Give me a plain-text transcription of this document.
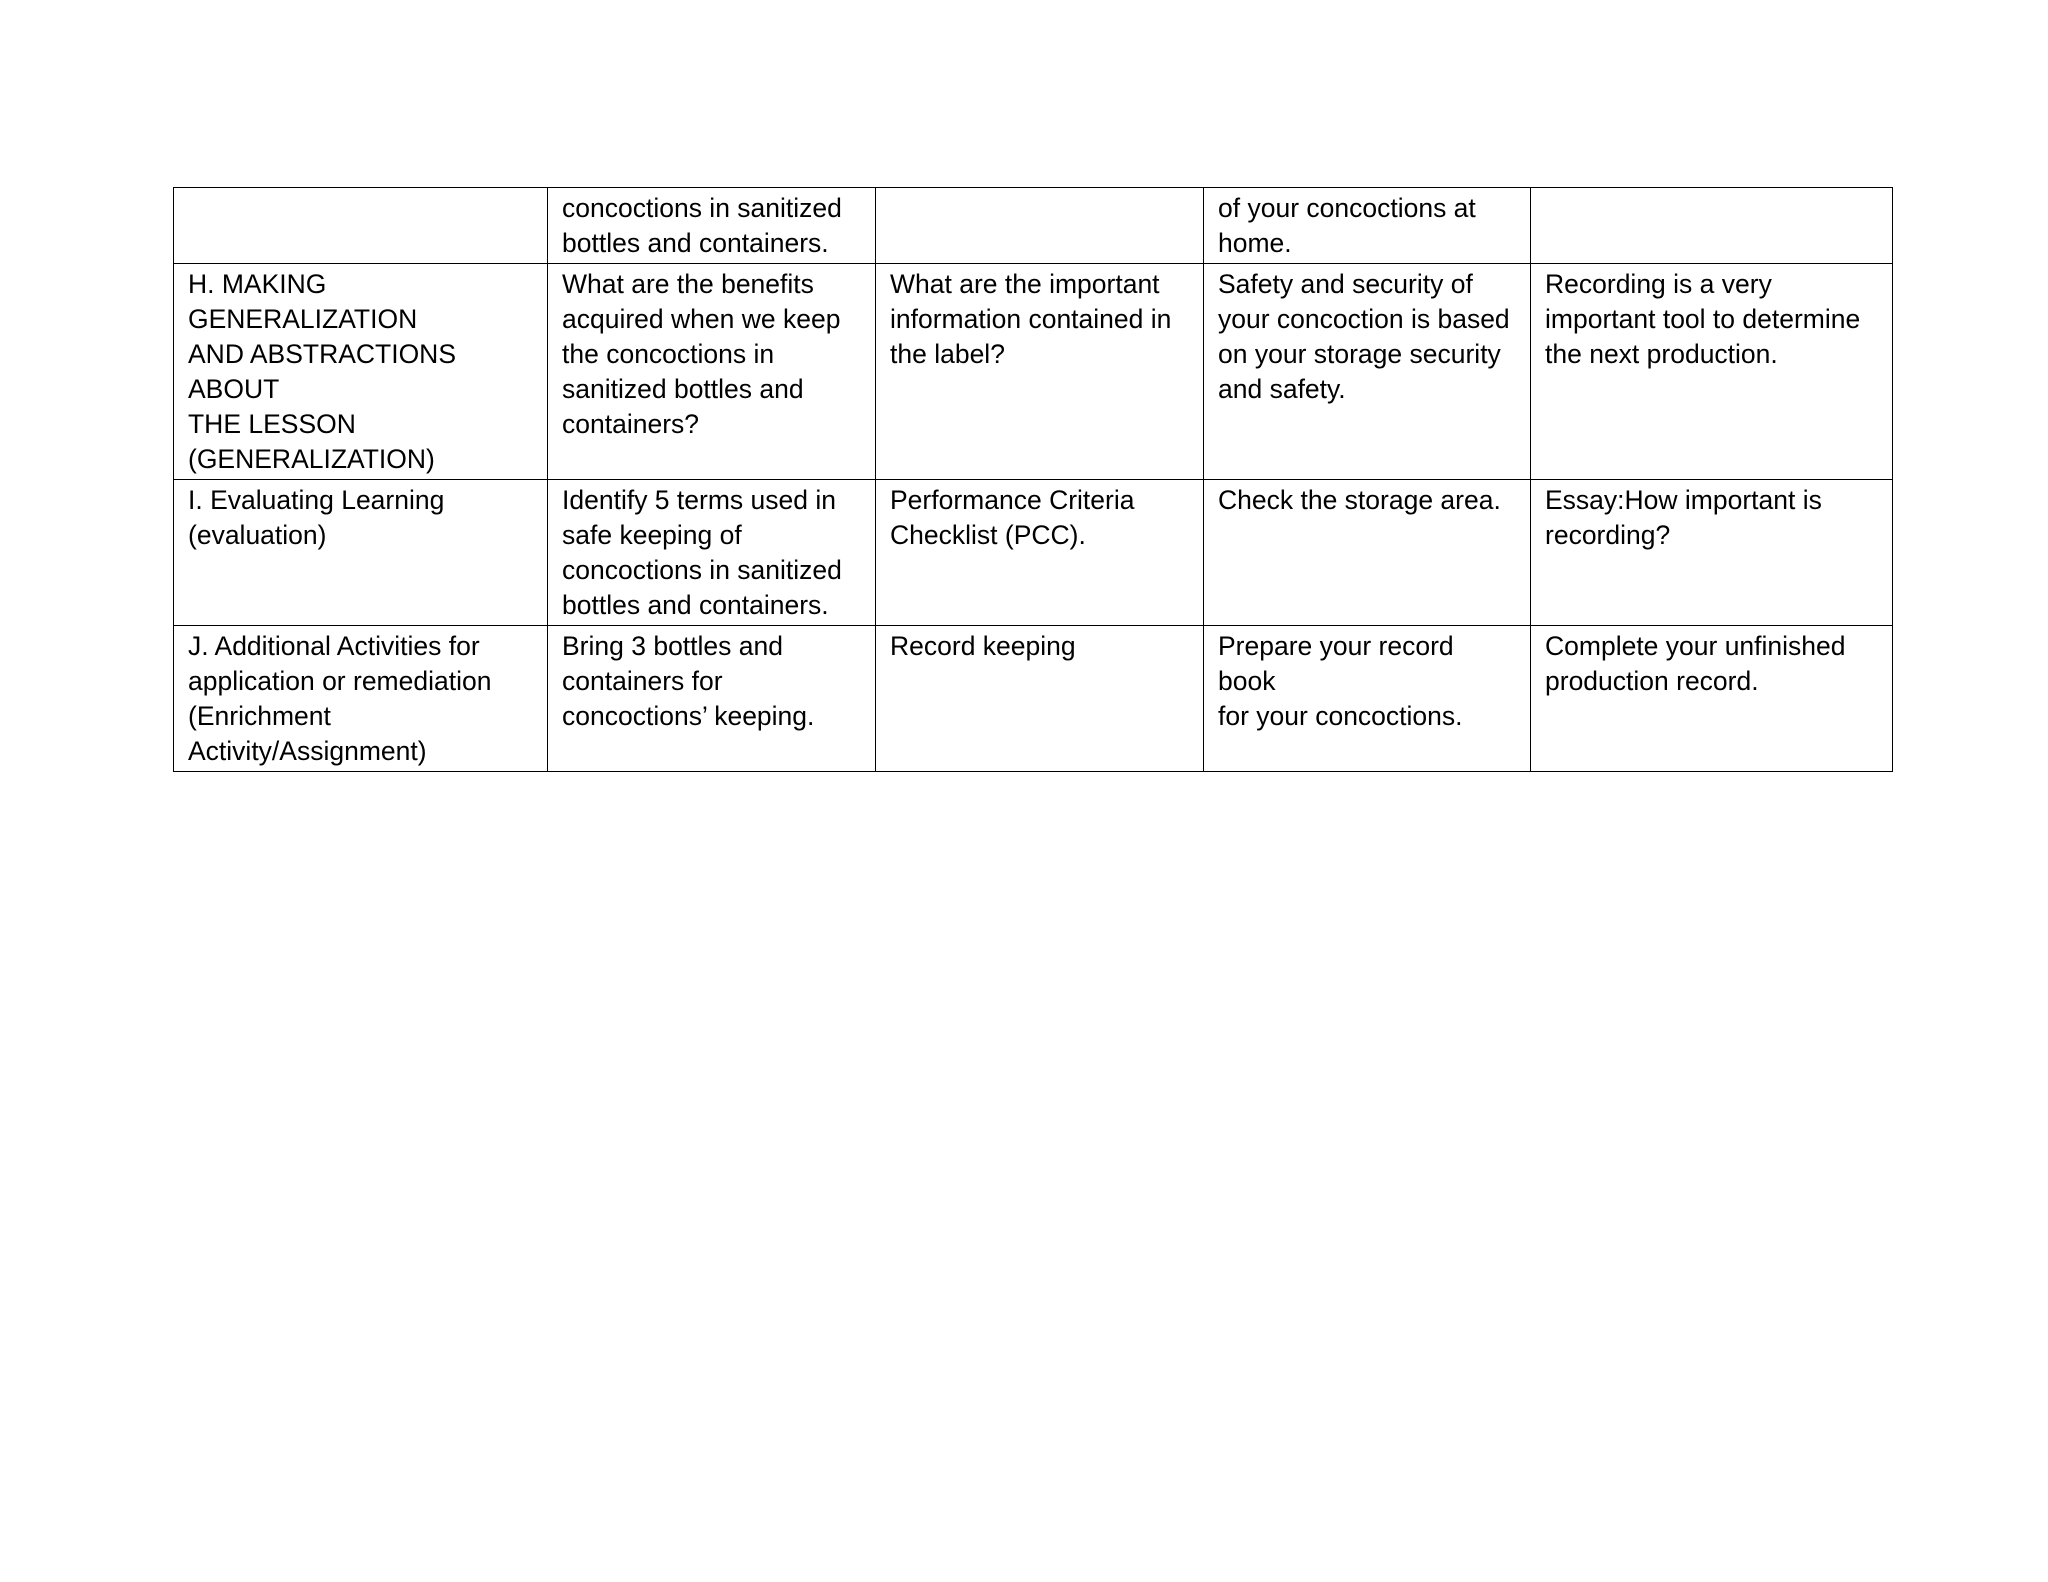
	concoctions in sanitized
bottles and containers.		of your concoctions at
home.	
H. MAKING GENERALIZATION
AND ABSTRACTIONS ABOUT
THE LESSON
(GENERALIZATION)	What are the benefits
acquired when we keep
the concoctions in
sanitized bottles and
containers?	What are the important
information contained in
the label?	Safety and security of
your concoction is based
on your storage security
and safety.	Recording is a very
important tool to determine
the next production.
I. Evaluating Learning
(evaluation)	Identify 5 terms used in
safe keeping of
concoctions in sanitized
bottles and containers.	Performance Criteria
Checklist (PCC).	Check the storage area.	Essay:How important is
recording?
J. Additional Activities for
application or remediation
(Enrichment
Activity/Assignment)	Bring 3 bottles and
containers for
concoctions’ keeping.	Record keeping	Prepare your record book
for your concoctions.	Complete your unfinished
production record.
